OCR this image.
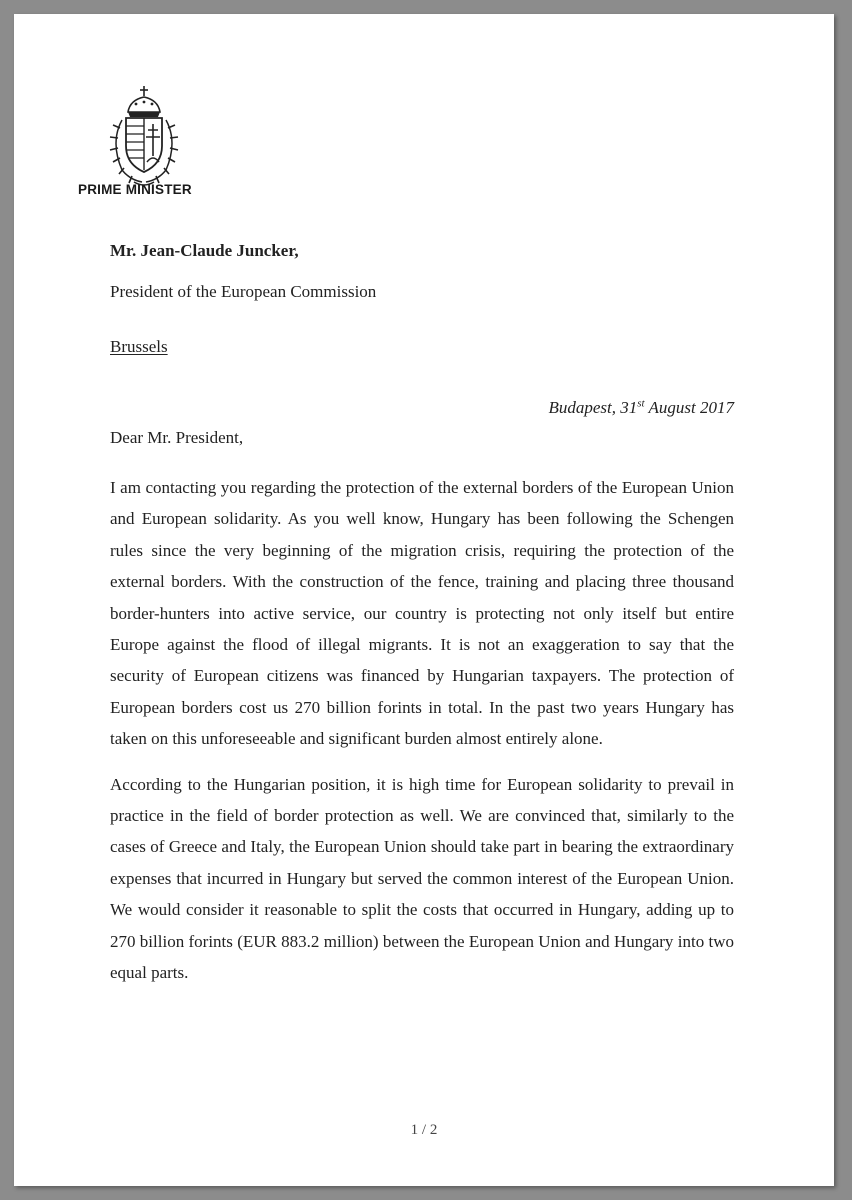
PRIME MINISTER
Mr. Jean-Claude Juncker,
President of the European Commission
Brussels
Budapest, 31st August 2017
Dear Mr. President,

I am contacting you regarding the protection of the external borders of the European Union and European solidarity. As you well know, Hungary has been following the Schengen rules since the very beginning of the migration crisis, requiring the protection of the external borders. With the construction of the fence, training and placing three thousand border-hunters into active service, our country is protecting not only itself but entire Europe against the flood of illegal migrants. It is not an exaggeration to say that the security of European citizens was financed by Hungarian taxpayers. The protection of European borders cost us 270 billion forints in total. In the past two years Hungary has taken on this unforeseeable and significant burden almost entirely alone.

According to the Hungarian position, it is high time for European solidarity to prevail in practice in the field of border protection as well. We are convinced that, similarly to the cases of Greece and Italy, the European Union should take part in bearing the extraordinary expenses that incurred in Hungary but served the common interest of the European Union. We would consider it reasonable to split the costs that occurred in Hungary, adding up to 270 billion forints (EUR 883.2 million) between the European Union and Hungary into two equal parts.

1 / 2
